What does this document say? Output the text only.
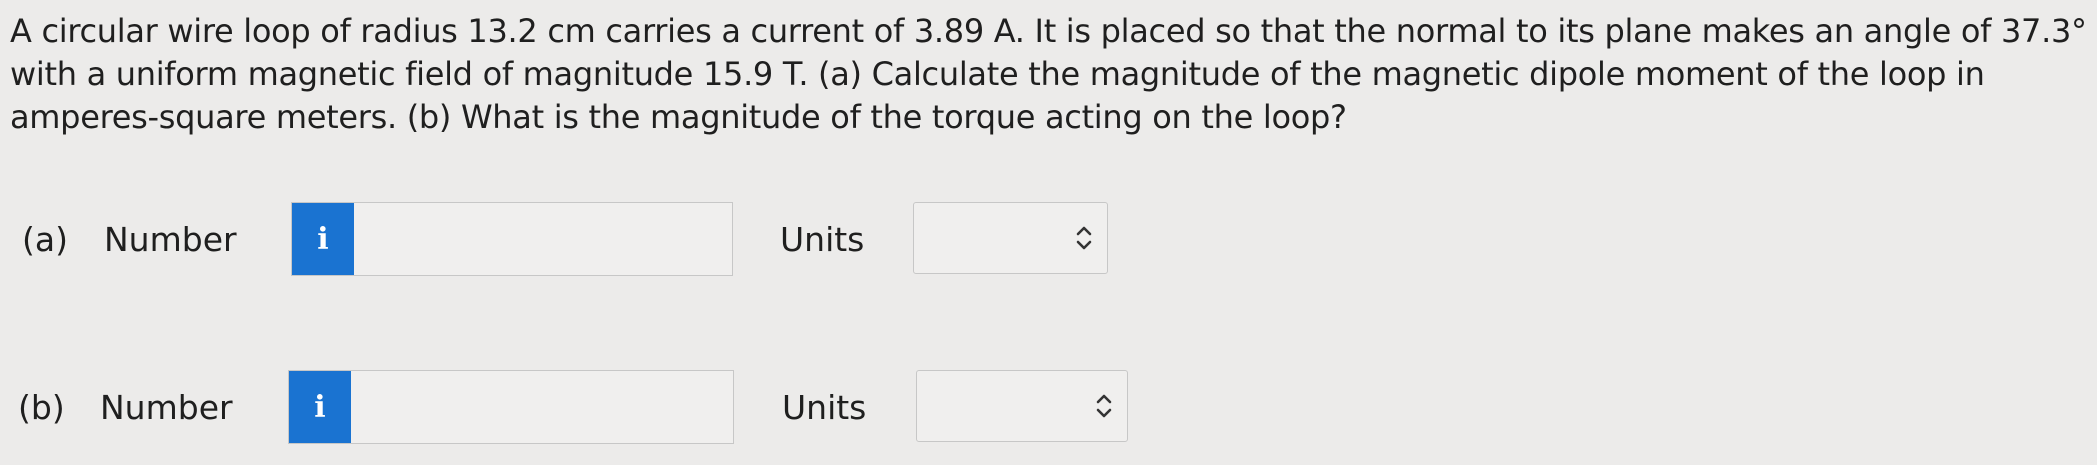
A circular wire loop of radius 13.2 cm carries a current of 3.89 A. It is placed so that the normal to its plane makes an angle of 37.3° with a uniform magnetic field of magnitude 15.9 T. (a) Calculate the magnitude of the magnetic dipole moment of the loop in amperes-square meters. (b) What is the magnitude of the torque acting on the loop?
(a) Number	i	Units
(b) Number	i	Units
